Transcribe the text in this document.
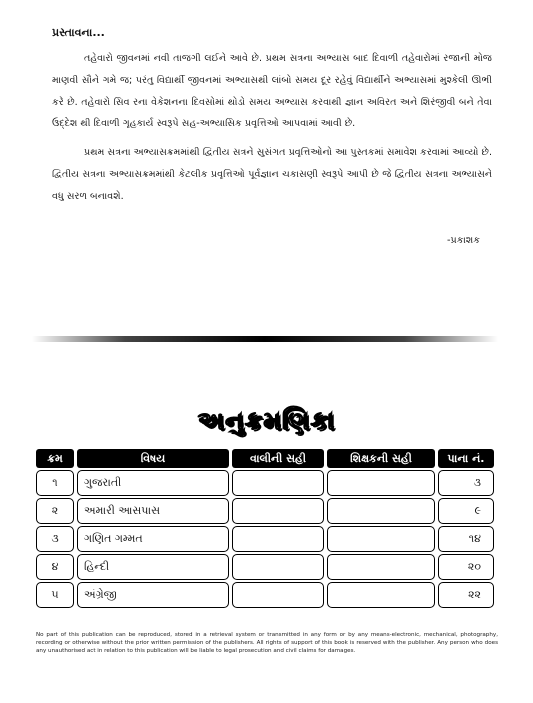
પ્રસ્તાવના...

તહેવારો જીવનમાં નવી તાજગી લઈને આવે છે. પ્રથમ સત્રના અભ્યાસ બાદ દિવાળી તહેવારોમાં રજાની મોજ માણવી સૌને ગમે જ; પરંતુ વિદ્યાર્થી જીવનમાં અભ્યાસથી લાંબો સમય દૂર રહેવું વિદ્યાર્થીને અભ્યાસમાં મુશ્કેલી ઊભી કરે છે. તહેવારો સિવ રના વેકેશનના દિવસોમાં થોડો સમય અભ્યાસ કરવાથી જ્ઞાન અવિરત અને શિરંજીવી બને તેવા ઉદ્દેશ થી દિવાળી ગૃહકાર્ય સ્વરૂપે સહ-અભ્યાસિક પ્રવૃત્તિઓ આપવામાં આવી છે.

પ્રથમ સત્રના અભ્યાસક્રમમાંથી દ્વિતીય સત્રને સુસંગત પ્રવૃત્તિઓનો આ પુસ્તકમાં સમાવેશ કરવામાં આવ્યો છે. દ્વિતીય સત્રના અભ્યાસક્રમમાંથી કેટલીક પ્રવૃત્તિઓ પૂર્વજ્ઞાન ચકાસણી સ્વરૂપે આપી છે જે દ્વિતીય સત્રના અભ્યાસને વધુ સરળ બનાવશે.

-પ્રકાશક
અનુક્રમણિકા
ક્રમ	વિષય	વાલીની સહી	શિક્ષકની સહી	પાના નં.
૧	ગુજરાતી			૩
૨	અમારી આસપાસ			૯
૩	ગણિત ગમ્મત			૧૪
૪	હિન્દી			૨૦
૫	અંગ્રેજી			૨૨
No part of this publication can be reproduced, stored in a retrieval system or transmitted in any form or by any means-electronic, mechanical, photography, recording or otherwise without the prior written permission of the publishers. All rights of support of this book is reserved with the publisher. Any person who does any unauthorised act in relation to this publication will be liable to legal prosecution and civil claims for damages.
